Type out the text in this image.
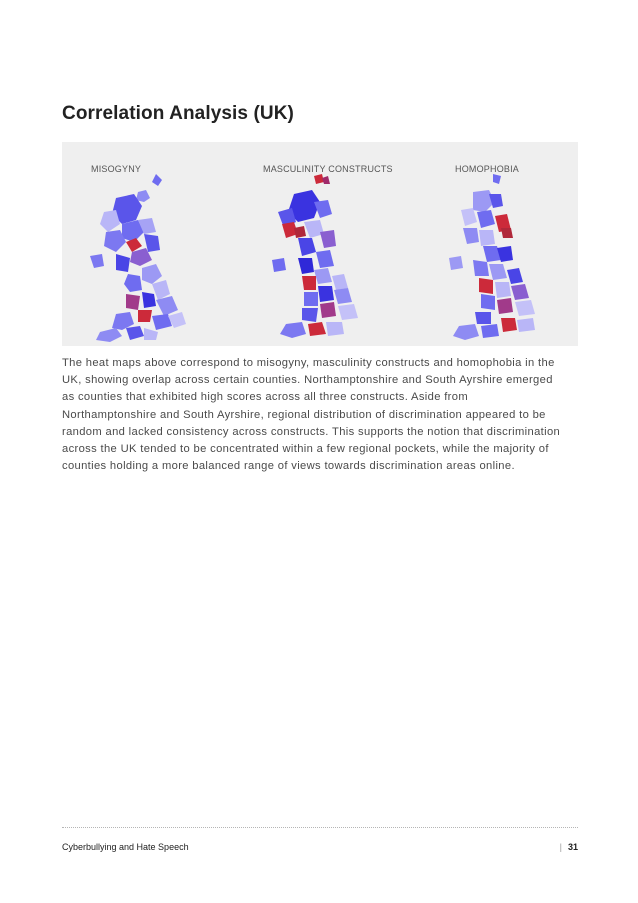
Correlation Analysis (UK)
MISOGYNY	MASCULINITY CONSTRUCTS	HOMOPHOBIA

The heat maps above correspond to misogyny, masculinity constructs and homophobia in the UK, showing overlap across certain counties. Northamptonshire and South Ayrshire emerged as counties that exhibited high scores across all three constructs. Aside from Northamptonshire and South Ayrshire, regional distribution of discrimination appeared to be random and lacked consistency across constructs. This supports the notion that discrimination across the UK tended to be concentrated within a few regional pockets, while the majority of counties holding a more balanced range of views towards discrimination areas online.

Cyberbullying and Hate Speech	| 31
